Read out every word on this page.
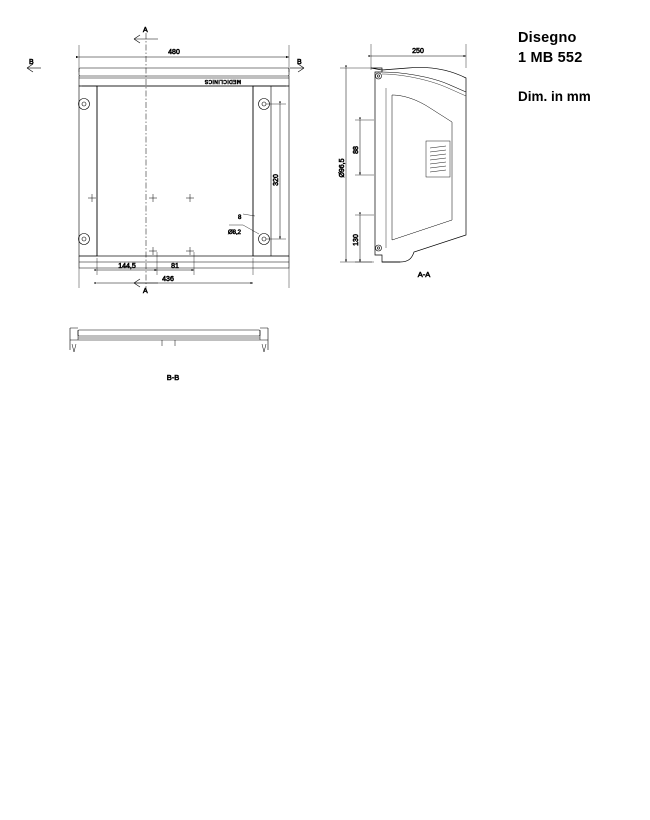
Disegno
1 MB 552
Dim. in mm
A
A
B
B
480
MEDICLINICS
320
Ø8,2
8
144,5	81
436
250
Ø96,5
88
130
A-A
B-B
